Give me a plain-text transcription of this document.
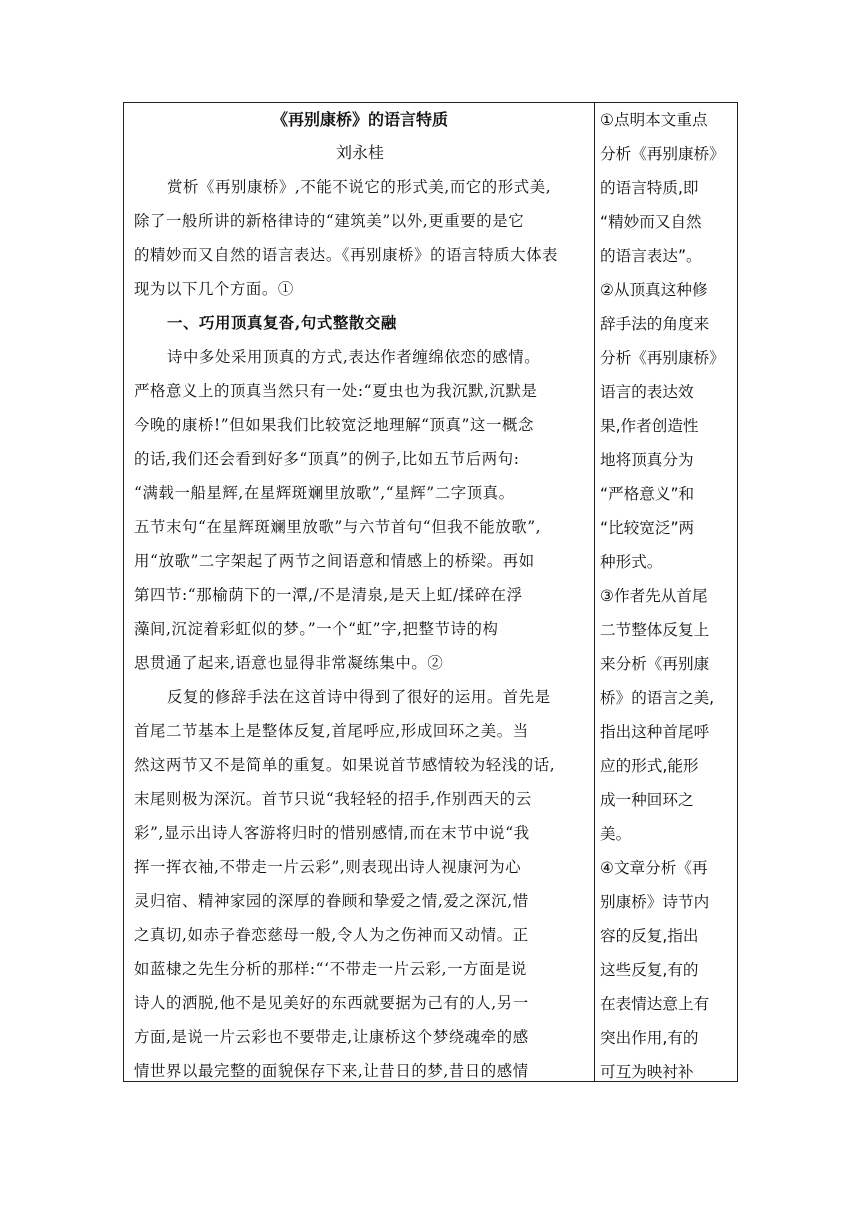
《再别康桥》的语言特质
刘永桂
赏析《再别康桥》,不能不说它的形式美,而它的形式美,
除了一般所讲的新格律诗的“建筑美”以外,更重要的是它
的精妙而又自然的语言表达。《再别康桥》的语言特质大体表
现为以下几个方面。①
一、巧用顶真复沓,句式整散交融
诗中多处采用顶真的方式,表达作者缠绵依恋的感情。
严格意义上的顶真当然只有一处:“夏虫也为我沉默,沉默是
今晚的康桥!”但如果我们比较宽泛地理解“顶真”这一概念
的话,我们还会看到好多“顶真”的例子,比如五节后两句:
“满载一船星辉,在星辉斑斓里放歌”,“星辉”二字顶真。
五节末句“在星辉斑斓里放歌”与六节首句“但我不能放歌”,
用“放歌”二字架起了两节之间语意和情感上的桥梁。再如
第四节:“那榆荫下的一潭,/不是清泉,是天上虹/揉碎在浮
藻间,沉淀着彩虹似的梦。”一个“虹”字,把整节诗的构
思贯通了起来,语意也显得非常凝练集中。②
反复的修辞手法在这首诗中得到了很好的运用。首先是
首尾二节基本上是整体反复,首尾呼应,形成回环之美。当
然这两节又不是简单的重复。如果说首节感情较为轻浅的话,
末尾则极为深沉。首节只说“我轻轻的招手,作别西天的云
彩”,显示出诗人客游将归时的惜别感情,而在末节中说“我
挥一挥衣袖,不带走一片云彩”,则表现出诗人视康河为心
灵归宿、精神家园的深厚的眷顾和挚爱之情,爱之深沉,惜
之真切,如赤子眷恋慈母一般,令人为之伤神而又动情。正
如蓝棣之先生分析的那样:“‘不带走一片云彩,一方面是说
诗人的洒脱,他不是见美好的东西就要据为己有的人,另一
方面,是说一片云彩也不要带走,让康桥这个梦绕魂牵的感
情世界以最完整的面貌保存下来,让昔日的梦,昔日的感情
①点明本文重点
分析《再别康桥》
的语言特质,即
“精妙而又自然
的语言表达”。
②从顶真这种修
辞手法的角度来
分析《再别康桥》
语言的表达效
果,作者创造性
地将顶真分为
“严格意义”和
“比较宽泛”两
种形式。
③作者先从首尾
二节整体反复上
来分析《再别康
桥》的语言之美,
指出这种首尾呼
应的形式,能形
成一种回环之
美。
④文章分析《再
别康桥》诗节内
容的反复,指出
这些反复,有的
在表情达意上有
突出作用,有的
可互为映衬补
